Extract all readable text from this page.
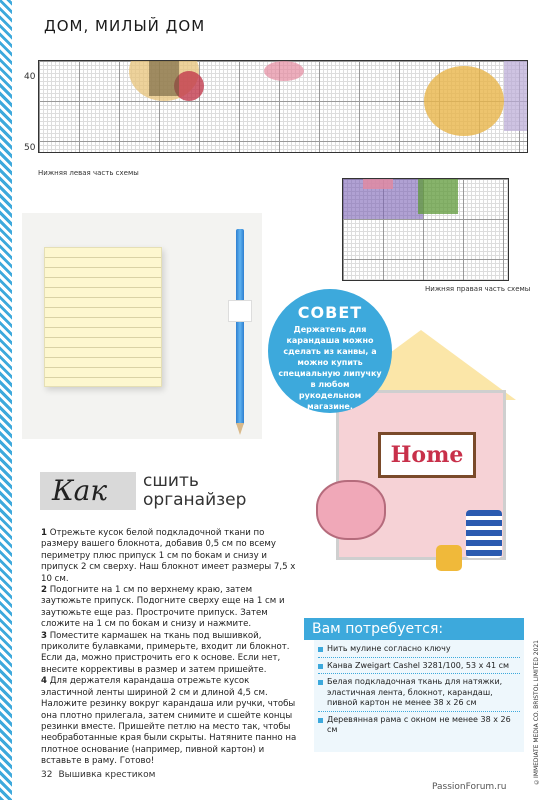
ДОМ, МИЛЫЙ ДОМ
40
50
Нижняя левая часть схемы
Нижняя правая часть схемы
Home
СОВЕТ
Держатель для карандаша можно сделать из канвы, а можно купить специальную липучку в любом рукодельном магазине.
Как сшить
органайзер

1 Отрежьте кусок белой подкладочной ткани по размеру вашего блокнота, добавив 0,5 см по всему периметру плюс припуск 1 см по бокам и снизу и припуск 2 см сверху. Наш блокнот имеет размеры 7,5 х 10 см.

2 Подогните на 1 см по верхнему краю, затем заутюжьте припуск. Подогните сверху еще на 1 см и заутюжьте еще раз. Прострочите припуск. Затем сложите на 1 см по бокам и снизу и нажмите.

3 Поместите кармашек на ткань под вышивкой, приколите булавками, примерьте, входит ли блокнот. Если да, можно пристрочить его к основе. Если нет, внесите коррективы в размер и затем пришейте.

4 Для держателя карандаша отрежьте кусок эластичной ленты шириной 2 см и длиной 4,5 см. Наложите резинку вокруг карандаша или ручки, чтобы она плотно прилегала, затем снимите и сшейте концы резинки вместе. Пришейте петлю на место так, чтобы необработанные края были скрыты. Натяните панно на плотное основание (например, пивной картон) и вставьте в раму. Готово!

Вам потребуется:
Нить мулине согласно ключу
Канва Zweigart Cashel 3281/100, 53 x 41 см
Белая подкладочная ткань для натяжки, эластичная лента, блокнот, карандаш, пивной картон не менее 38 x 26 см
Деревянная рама с окном не менее 38 x 26 см	©IMMEDIATE MEDIA CO. BRISTOL LIMITED 2021
32 Вышивка крестиком
PassionForum.ru
